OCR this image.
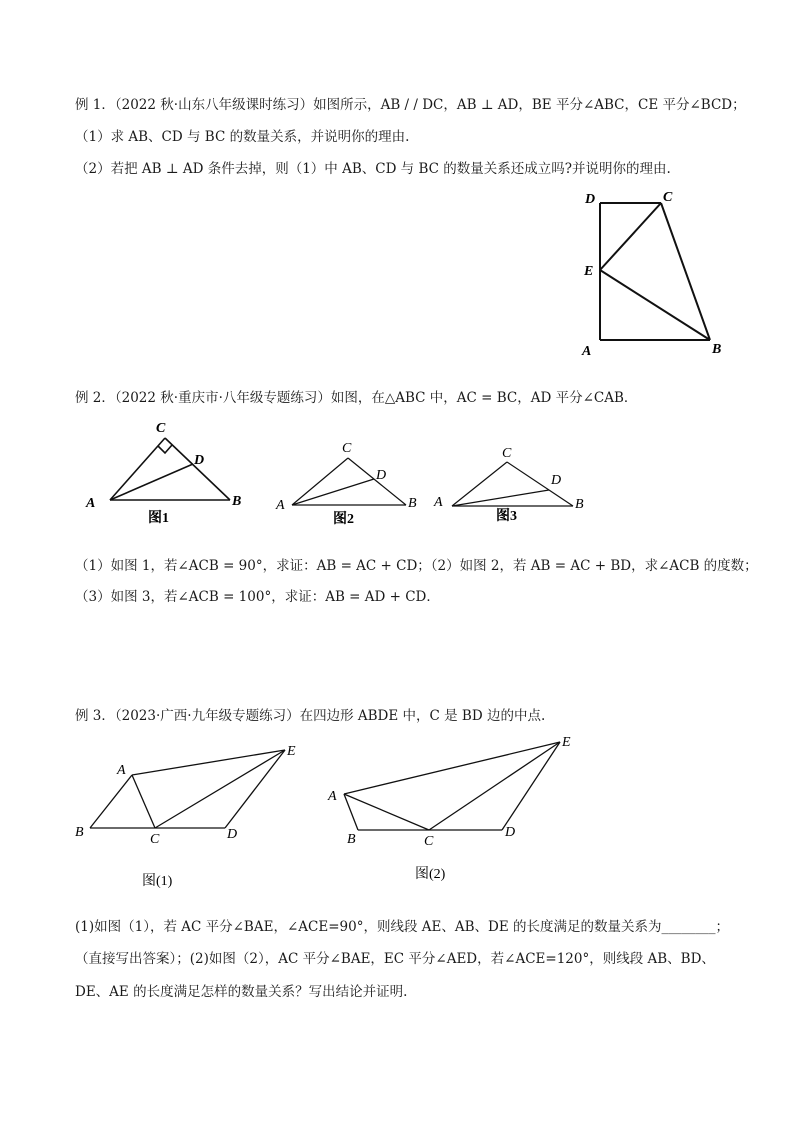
例 1．（2022 秋·山东八年级课时练习）如图所示，AB / / DC，AB ⊥ AD，BE 平分∠ABC，CE 平分∠BCD；
（1）求 AB、CD 与 BC 的数量关系，并说明你的理由.
（2）若把 AB ⊥ AD 条件去掉，则（1）中 AB、CD 与 BC 的数量关系还成立吗?并说明你的理由.
D	C
E
A	B
例 2．（2022 秋·重庆市·八年级专题练习）如图，在△ABC 中，AC = BC，AD 平分∠CAB．
C
D
A	B
图1
C
D
A	B
图2
C
D
A	B
图3
（1）如图 1，若∠ACB = 90°，求证：AB = AC + CD；（2）如图 2，若 AB = AC + BD，求∠ACB 的度数；
（3）如图 3，若∠ACB = 100°，求证：AB = AD + CD．
例 3．（2023·广西·九年级专题练习）在四边形 ABDE 中，C 是 BD 边的中点.
A
E
B	C	D
图(1)
A
E
B	C
D
图(2)
(1)如图（1），若 AC 平分∠BAE，∠ACE=90°，则线段 AE、AB、DE 的长度满足的数量关系为________；
（直接写出答案）；(2)如图（2），AC 平分∠BAE，EC 平分∠AED，若∠ACE=120°，则线段 AB、BD、
DE、AE 的长度满足怎样的数量关系？写出结论并证明.
